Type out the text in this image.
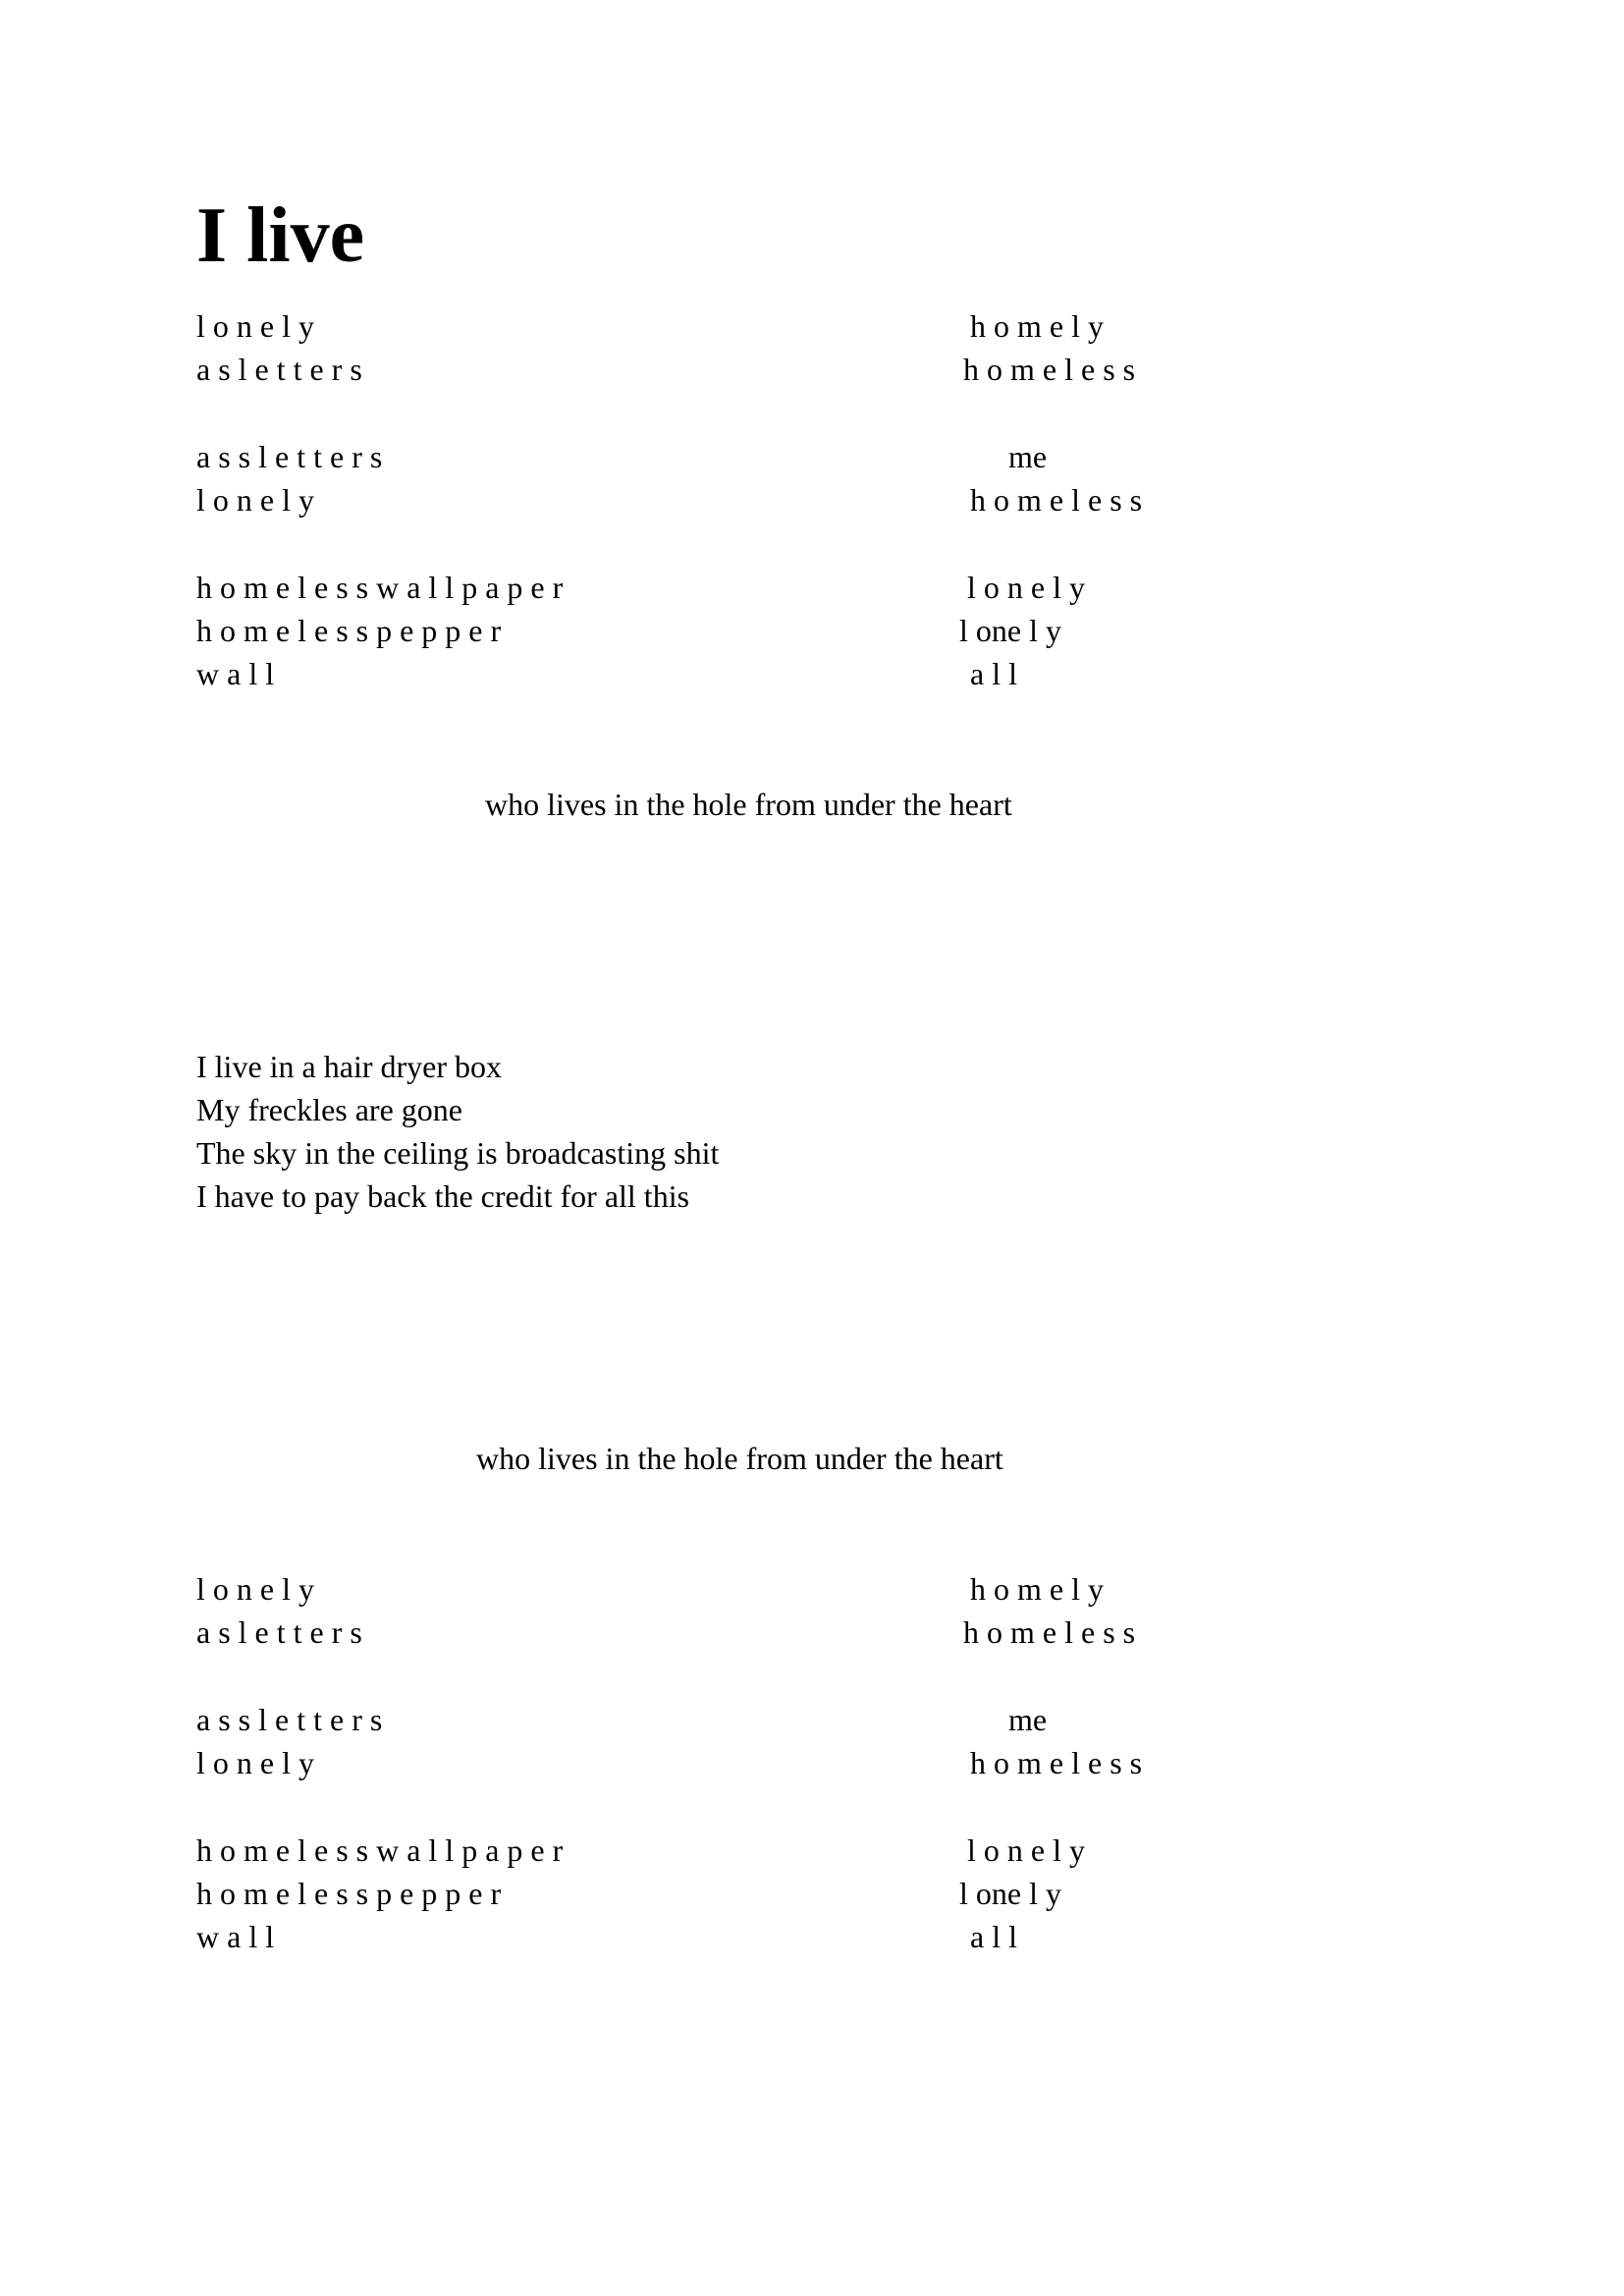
I live
l o n e l y
a s l e t t e r s
a s s l e t t e r s
l o n e l y
h o m e l e s s w a l l p a p e r
h o m e l e s s p e p p e r
w a l l
h o m e l y
h o m e l e s s
me
h o m e l e s s
l o n e l y
l one l y
a l l
who lives in the hole from under the heart
I live in a hair dryer box
My freckles are gone
The sky in the ceiling is broadcasting shit
I have to pay back the credit for all this
who lives in the hole from under the heart
l o n e l y
a s l e t t e r s
a s s l e t t e r s
l o n e l y
h o m e l e s s w a l l p a p e r
h o m e l e s s p e p p e r
w a l l
h o m e l y
h o m e l e s s
me
h o m e l e s s
l o n e l y
l one l y
a l l
